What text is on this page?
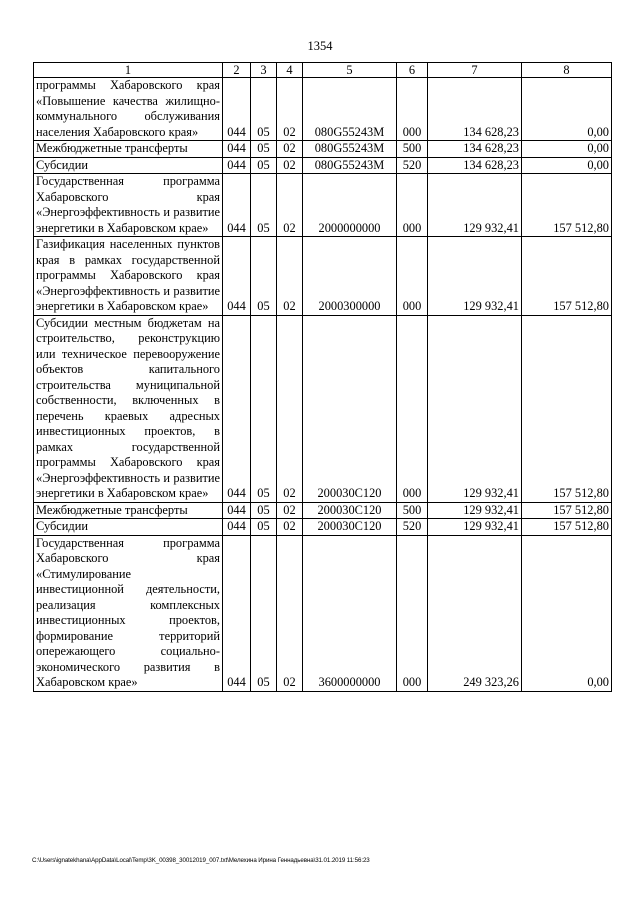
1354
1	2	3	4	5	6	7	8
программы Хабаровского края «Повышение качества жилищно-коммунального обслуживания населения Хабаровского края»	044	05	02	080G55243M	000	134 628,23	0,00
Межбюджетные трансферты	044	05	02	080G55243M	500	134 628,23	0,00
Субсидии	044	05	02	080G55243M	520	134 628,23	0,00
Государственная программа Хабаровского края «Энергоэффективность и развитие энергетики в Хабаровском крае»	044	05	02	2000000000	000	129 932,41	157 512,80
Газификация населенных пунктов края в рамках государственной программы Хабаровского края «Энергоэффективность и развитие энергетики в Хабаровском крае»	044	05	02	2000300000	000	129 932,41	157 512,80
Субсидии местным бюджетам на строительство, реконструкцию или техническое перевооружение объектов капитального строительства муниципальной собственности, включенных в перечень краевых адресных инвестиционных проектов, в рамках государственной программы Хабаровского края «Энергоэффективность и развитие энергетики в Хабаровском крае»	044	05	02	200030C120	000	129 932,41	157 512,80
Межбюджетные трансферты	044	05	02	200030C120	500	129 932,41	157 512,80
Субсидии	044	05	02	200030C120	520	129 932,41	157 512,80
Государственная программа Хабаровского края «Стимулирование инвестиционной деятельности, реализация комплексных инвестиционных проектов, формирование территорий опережающего социально-экономического развития в Хабаровском крае»	044	05	02	3600000000	000	249 323,26	0,00
C:\Users\ignatekhana\AppData\Local\Temp\3K_00398_30012019_007.txt\Мелехина Ирина Геннадьевна\31.01.2019 11:56:23
